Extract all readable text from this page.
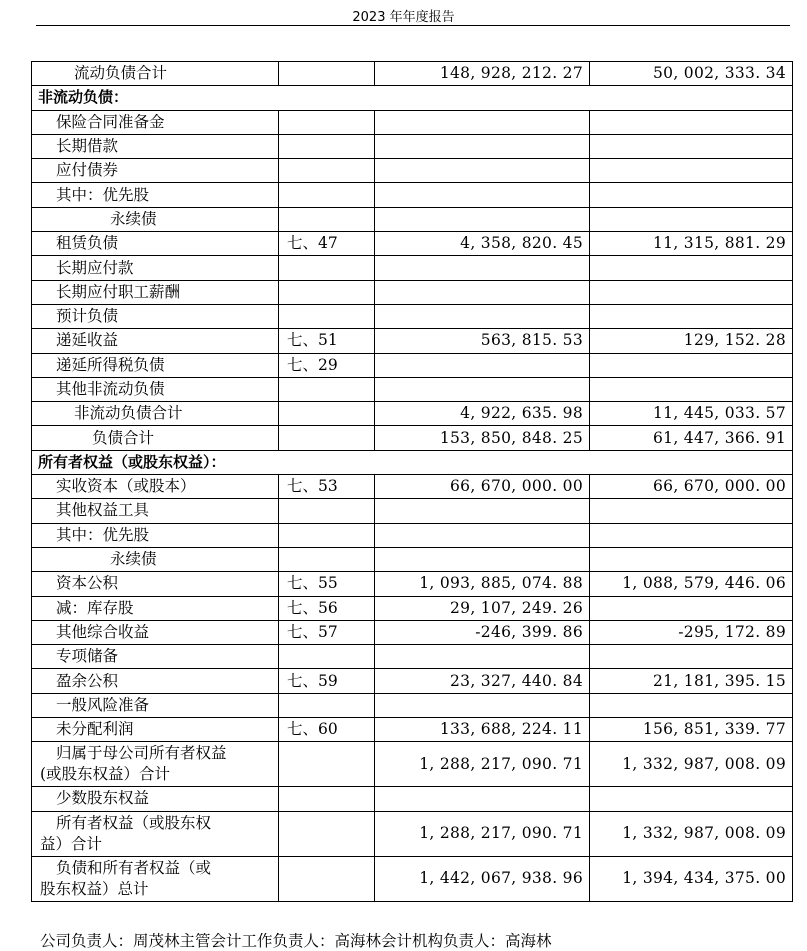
2023 年年度报告
流动负债合计		148, 928, 212. 27	50, 002, 333. 34
非流动负债：			
保险合同准备金			
长期借款			
应付债券			
其中：优先股			
永续债			
租赁负债	七、47	4, 358, 820. 45	11, 315, 881. 29
长期应付款			
长期应付职工薪酬			
预计负债			
递延收益	七、51	563, 815. 53	129, 152. 28
递延所得税负债	七、29		
其他非流动负债			
非流动负债合计		4, 922, 635. 98	11, 445, 033. 57
负债合计		153, 850, 848. 25	61, 447, 366. 91
所有者权益（或股东权益）：			
实收资本（或股本）	七、53	66, 670, 000. 00	66, 670, 000. 00
其他权益工具			
其中：优先股			
永续债			
资本公积	七、55	1, 093, 885, 074. 88	1, 088, 579, 446. 06
减：库存股	七、56	29, 107, 249. 26	
其他综合收益	七、57	-246, 399. 86	-295, 172. 89
专项储备			
盈余公积	七、59	23, 327, 440. 84	21, 181, 395. 15
一般风险准备			
未分配利润	七、60	133, 688, 224. 11	156, 851, 339. 77

归属于母公司所有者权益
(或股东权益）合计		1, 288, 217, 090. 71	1, 332, 987, 008. 09
少数股东权益			

所有者权益（或股东权
益）合计		1, 288, 217, 090. 71	1, 332, 987, 008. 09

负债和所有者权益（或
股东权益）总计		1, 442, 067, 938. 96	1, 394, 434, 375. 00
公司负责人：周茂林主管会计工作负责人：高海林会计机构负责人：高海林
